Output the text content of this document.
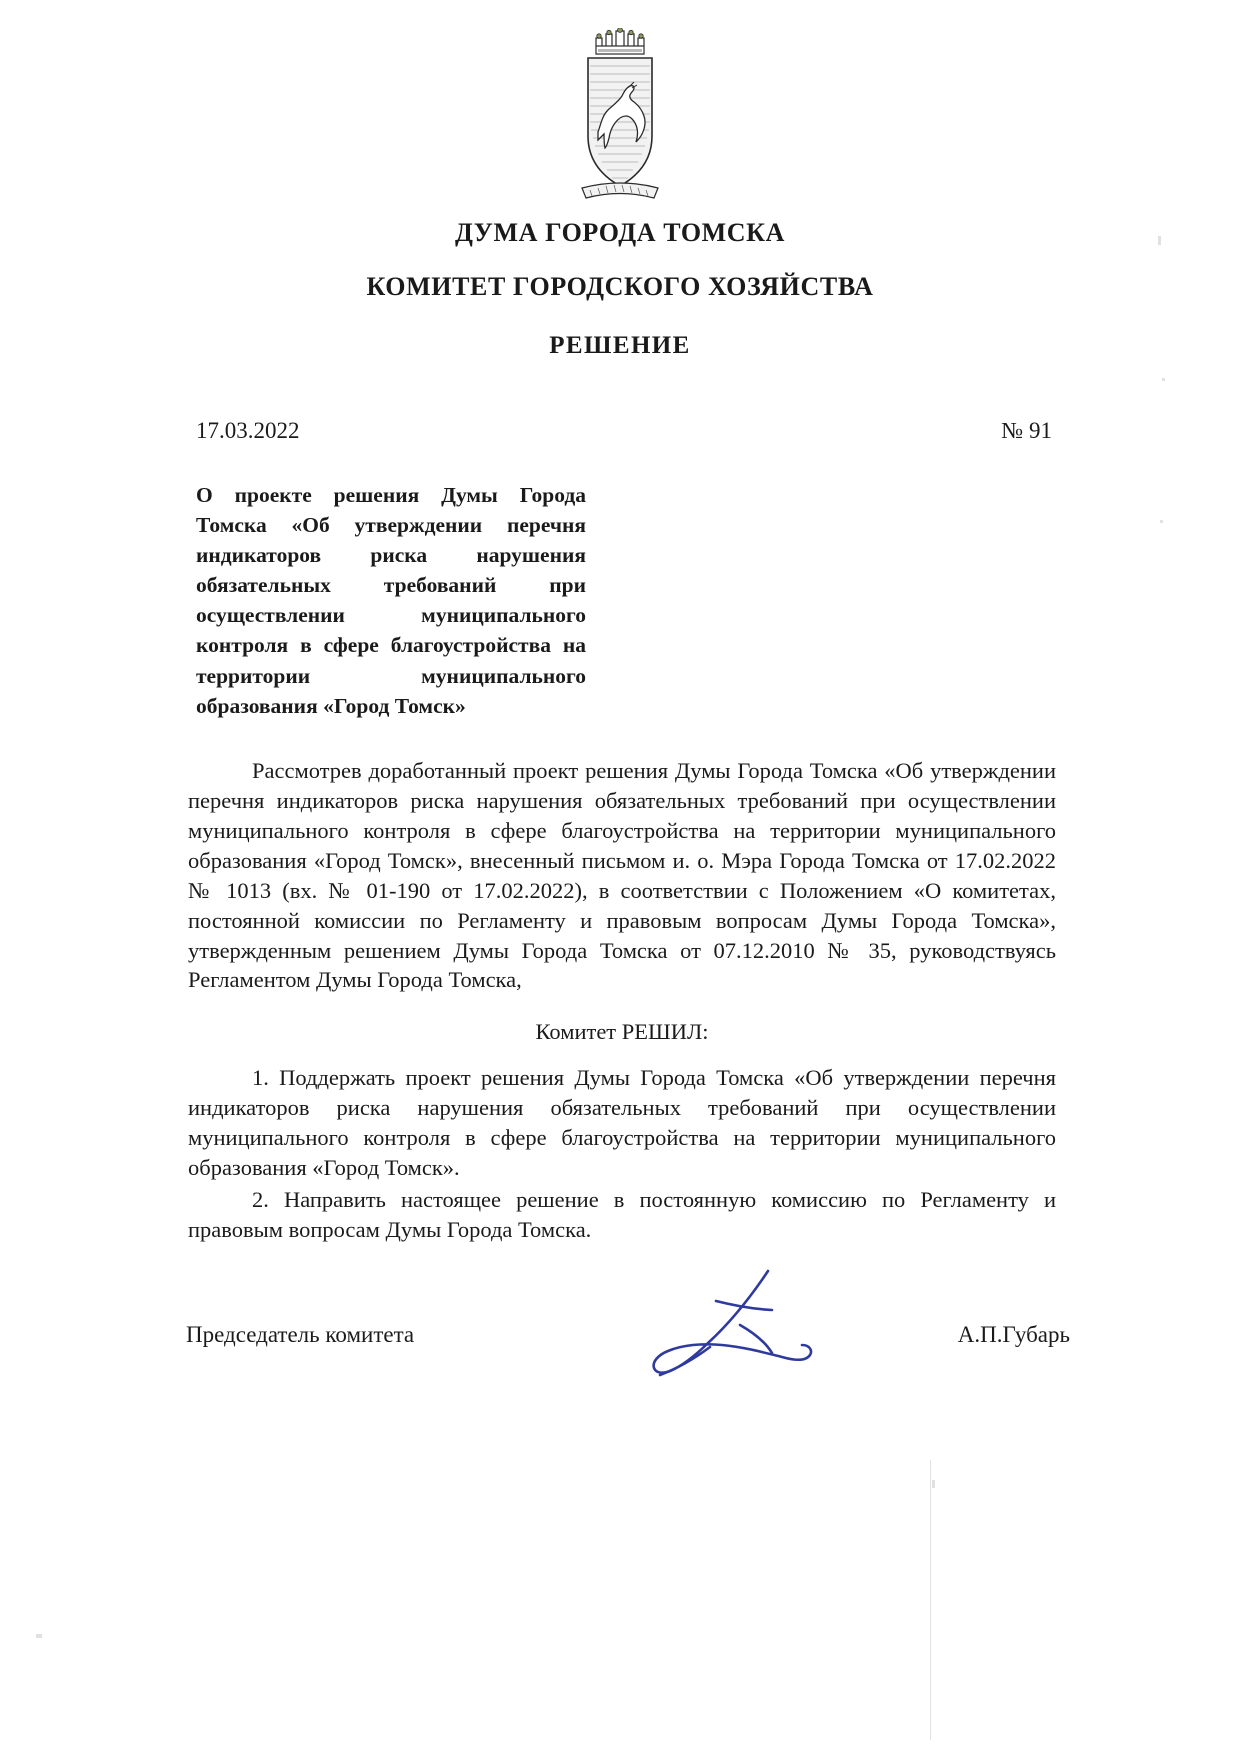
ДУМА ГОРОДА ТОМСКА
КОМИТЕТ ГОРОДСКОГО ХОЗЯЙСТВА
РЕШЕНИЕ
17.03.2022	№ 91
О проекте решения Думы Города Томска «Об утверждении перечня индикаторов риска нарушения обязательных требований при осуществлении муниципального контроля в сфере благоустройства на территории муниципального образования «Город Томск»

Рассмотрев доработанный проект решения Думы Города Томска «Об утверждении перечня индикаторов риска нарушения обязательных требований при осуществлении муниципального контроля в сфере благоустройства на территории муниципального образования «Город Томск», внесенный письмом и. о. Мэра Города Томска от 17.02.2022 № 1013 (вх. № 01-190 от 17.02.2022), в соответствии с Положением «О комитетах, постоянной комиссии по Регламенту и правовым вопросам Думы Города Томска», утвержденным решением Думы Города Томска от 07.12.2010 № 35, руководствуясь Регламентом Думы Города Томска,

Комитет РЕШИЛ:

1. Поддержать проект решения Думы Города Томска «Об утверждении перечня индикаторов риска нарушения обязательных требований при осуществлении муниципального контроля в сфере благоустройства на территории муниципального образования «Город Томск».

2. Направить настоящее решение в постоянную комиссию по Регламенту и правовым вопросам Думы Города Томска.

Председатель комитета	А.П.Губарь
